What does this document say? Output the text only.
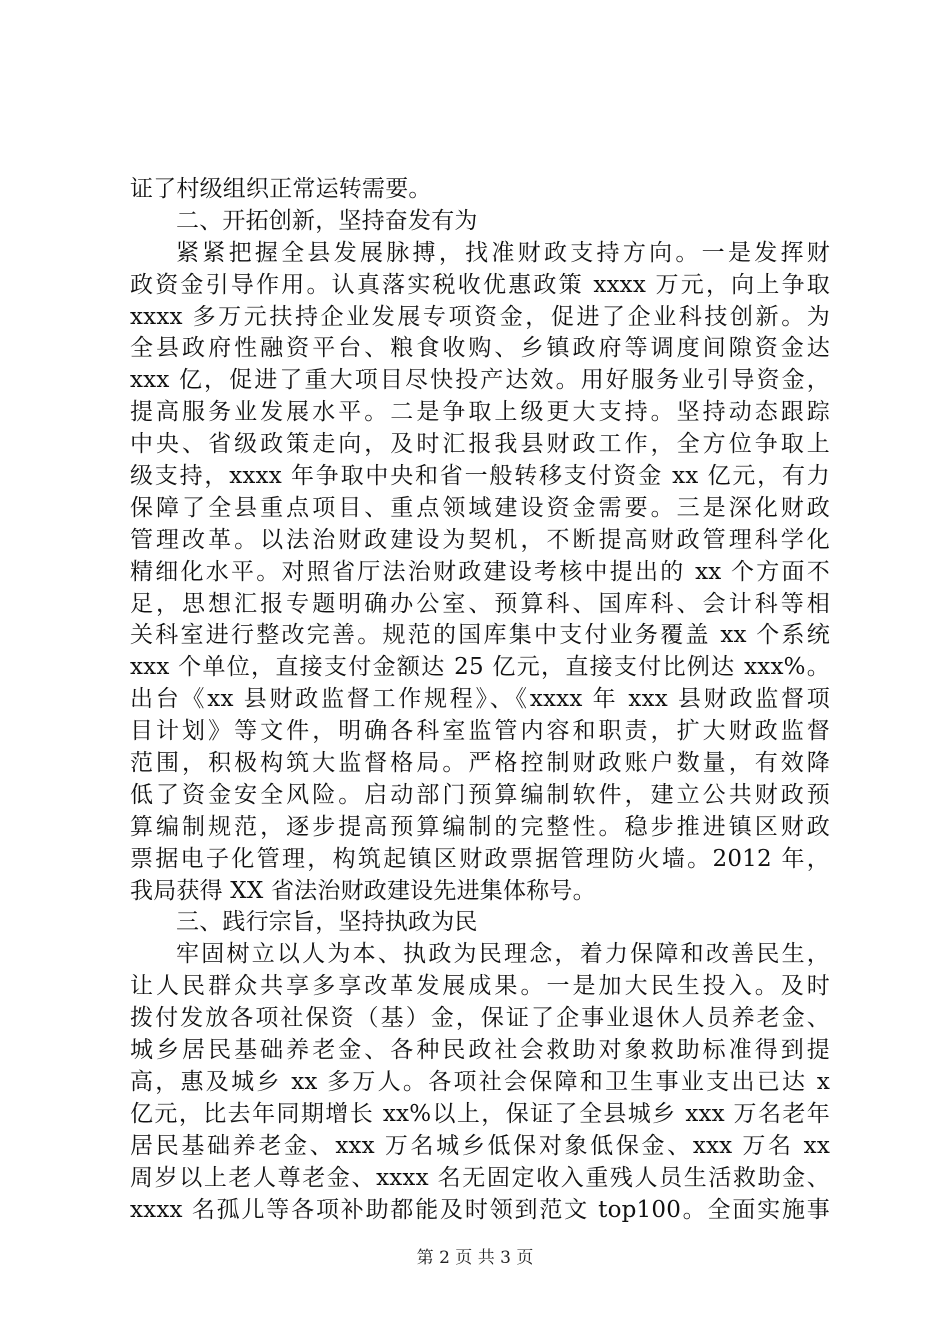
证了村级组织正常运转需要。
二、开拓创新，坚持奋发有为
紧紧把握全县发展脉搏，找准财政支持方向。一是发挥财
政资金引导作用。认真落实税收优惠政策 xxxx 万元，向上争取
xxxx 多万元扶持企业发展专项资金，促进了企业科技创新。为
全县政府性融资平台、粮食收购、乡镇政府等调度间隙资金达
xxx 亿，促进了重大项目尽快投产达效。用好服务业引导资金，
提高服务业发展水平。二是争取上级更大支持。坚持动态跟踪
中央、省级政策走向，及时汇报我县财政工作，全方位争取上
级支持，xxxx 年争取中央和省一般转移支付资金 xx 亿元，有力
保障了全县重点项目、重点领域建设资金需要。三是深化财政
管理改革。以法治财政建设为契机，不断提高财政管理科学化
精细化水平。对照省厅法治财政建设考核中提出的 xx 个方面不
足，思想汇报专题明确办公室、预算科、国库科、会计科等相
关科室进行整改完善。规范的国库集中支付业务覆盖 xx 个系统
xxx 个单位，直接支付金额达 25 亿元，直接支付比例达 xxx%。
出台《xx 县财政监督工作规程》、《xxxx 年 xxx 县财政监督项
目计划》等文件，明确各科室监管内容和职责，扩大财政监督
范围，积极构筑大监督格局。严格控制财政账户数量，有效降
低了资金安全风险。启动部门预算编制软件，建立公共财政预
算编制规范，逐步提高预算编制的完整性。稳步推进镇区财政
票据电子化管理，构筑起镇区财政票据管理防火墙。2012 年，
我局获得 XX 省法治财政建设先进集体称号。
三、践行宗旨，坚持执政为民
牢固树立以人为本、执政为民理念，着力保障和改善民生，
让人民群众共享多享改革发展成果。一是加大民生投入。及时
拨付发放各项社保资（基）金，保证了企事业退休人员养老金、
城乡居民基础养老金、各种民政社会救助对象救助标准得到提
高，惠及城乡 xx 多万人。各项社会保障和卫生事业支出已达 x
亿元，比去年同期增长 xx%以上，保证了全县城乡 xxx 万名老年
居民基础养老金、xxx 万名城乡低保对象低保金、xxx 万名 xx
周岁以上老人尊老金、xxxx 名无固定收入重残人员生活救助金、
xxxx 名孤儿等各项补助都能及时领到范文 top100。全面实施事
第 2 页 共 3 页
